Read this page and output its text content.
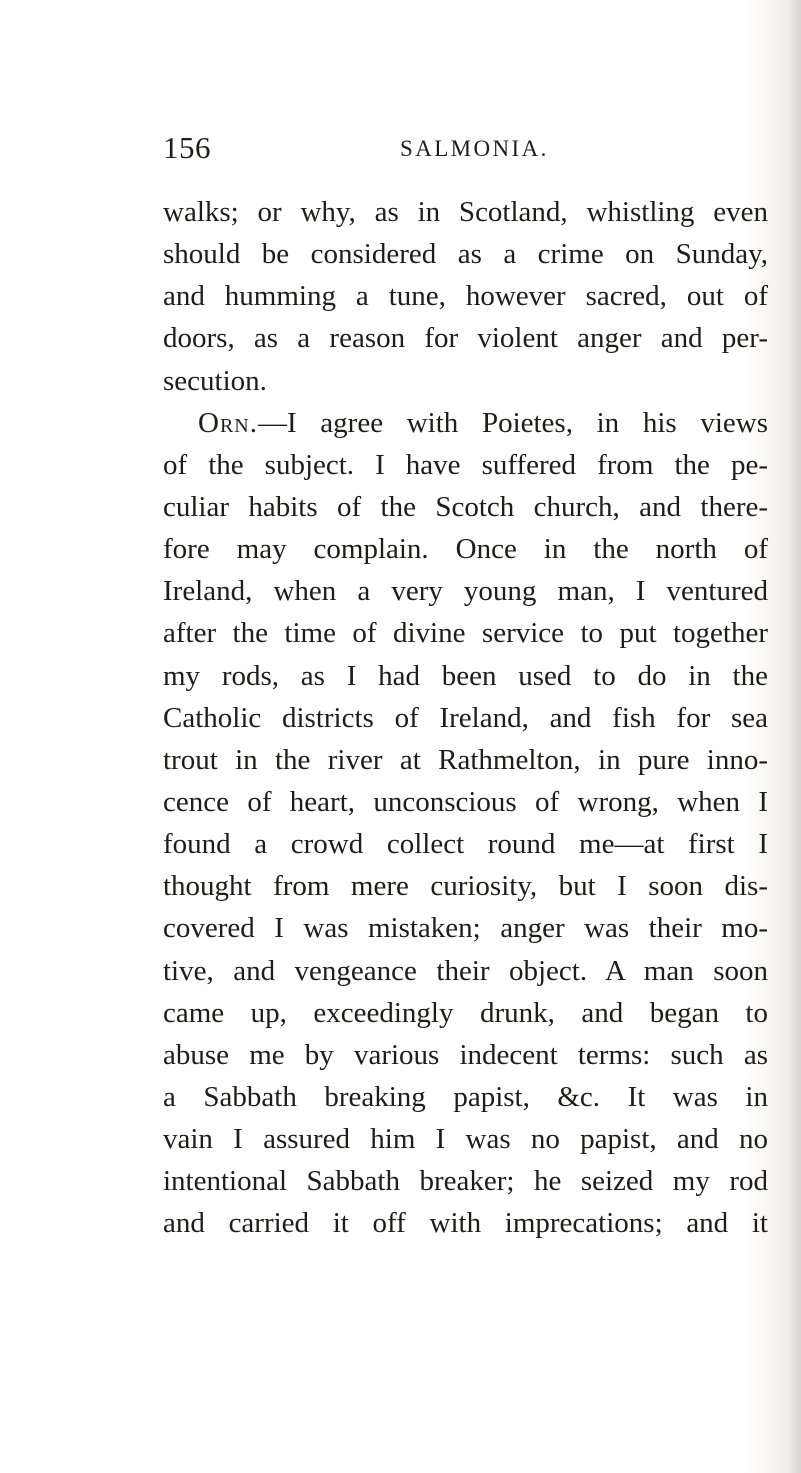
156	SALMONIA.
walks; or why, as in Scotland, whistling even
should be considered as a crime on Sunday,
and humming a tune, however sacred, out of
doors, as a reason for violent anger and per-
secution.
Orn.—I agree with Poietes, in his views
of the subject. I have suffered from the pe-
culiar habits of the Scotch church, and there-
fore may complain. Once in the north of
Ireland, when a very young man, I ventured
after the time of divine service to put together
my rods, as I had been used to do in the
Catholic districts of Ireland, and fish for sea
trout in the river at Rathmelton, in pure inno-
cence of heart, unconscious of wrong, when I
found a crowd collect round me—at first I
thought from mere curiosity, but I soon dis-
covered I was mistaken; anger was their mo-
tive, and vengeance their object. A man soon
came up, exceedingly drunk, and began to
abuse me by various indecent terms: such as
a Sabbath breaking papist, &c. It was in
vain I assured him I was no papist, and no
intentional Sabbath breaker; he seized my rod
and carried it off with imprecations; and it
